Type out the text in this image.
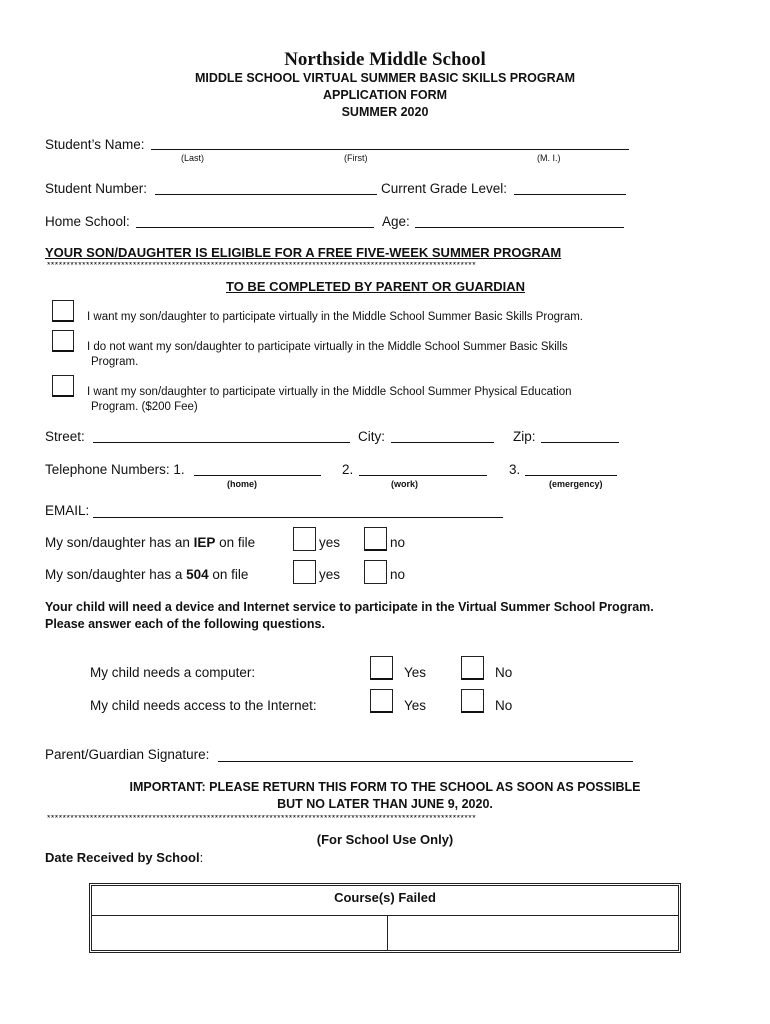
Northside Middle School
MIDDLE SCHOOL VIRTUAL SUMMER BASIC SKILLS PROGRAM
APPLICATION FORM
SUMMER 2020
Student’s Name:
(Last)	(First)	(M. I.)
Student Number:	Current Grade Level:
Home School:	Age:
YOUR SON/DAUGHTER IS ELIGIBLE FOR A FREE FIVE-WEEK SUMMER PROGRAM
**************************************************************************************************************
TO BE COMPLETED BY PARENT OR GUARDIAN
I want my son/daughter to participate virtually in the Middle School Summer Basic Skills Program.
I do not want my son/daughter to participate virtually in the Middle School Summer Basic Skills
Program.
I want my son/daughter to participate virtually in the Middle School Summer Physical Education
Program. ($200 Fee)
Street:	City:	Zip:
Telephone Numbers: 1.	2.	3.
(home)	(work)	(emergency)
EMAIL:
My son/daughter has an IEP on file	yes	no
My son/daughter has a 504 on file	yes	no
Your child will need a device and Internet service to participate in the Virtual Summer School Program.
Please answer each of the following questions.
My child needs a computer:	Yes	No
My child needs access to the Internet:	Yes	No
Parent/Guardian Signature:
IMPORTANT: PLEASE RETURN THIS FORM TO THE SCHOOL AS SOON AS POSSIBLE
BUT NO LATER THAN JUNE 9, 2020.
**************************************************************************************************************
(For School Use Only)
Date Received by School:
Course(s) Failed
